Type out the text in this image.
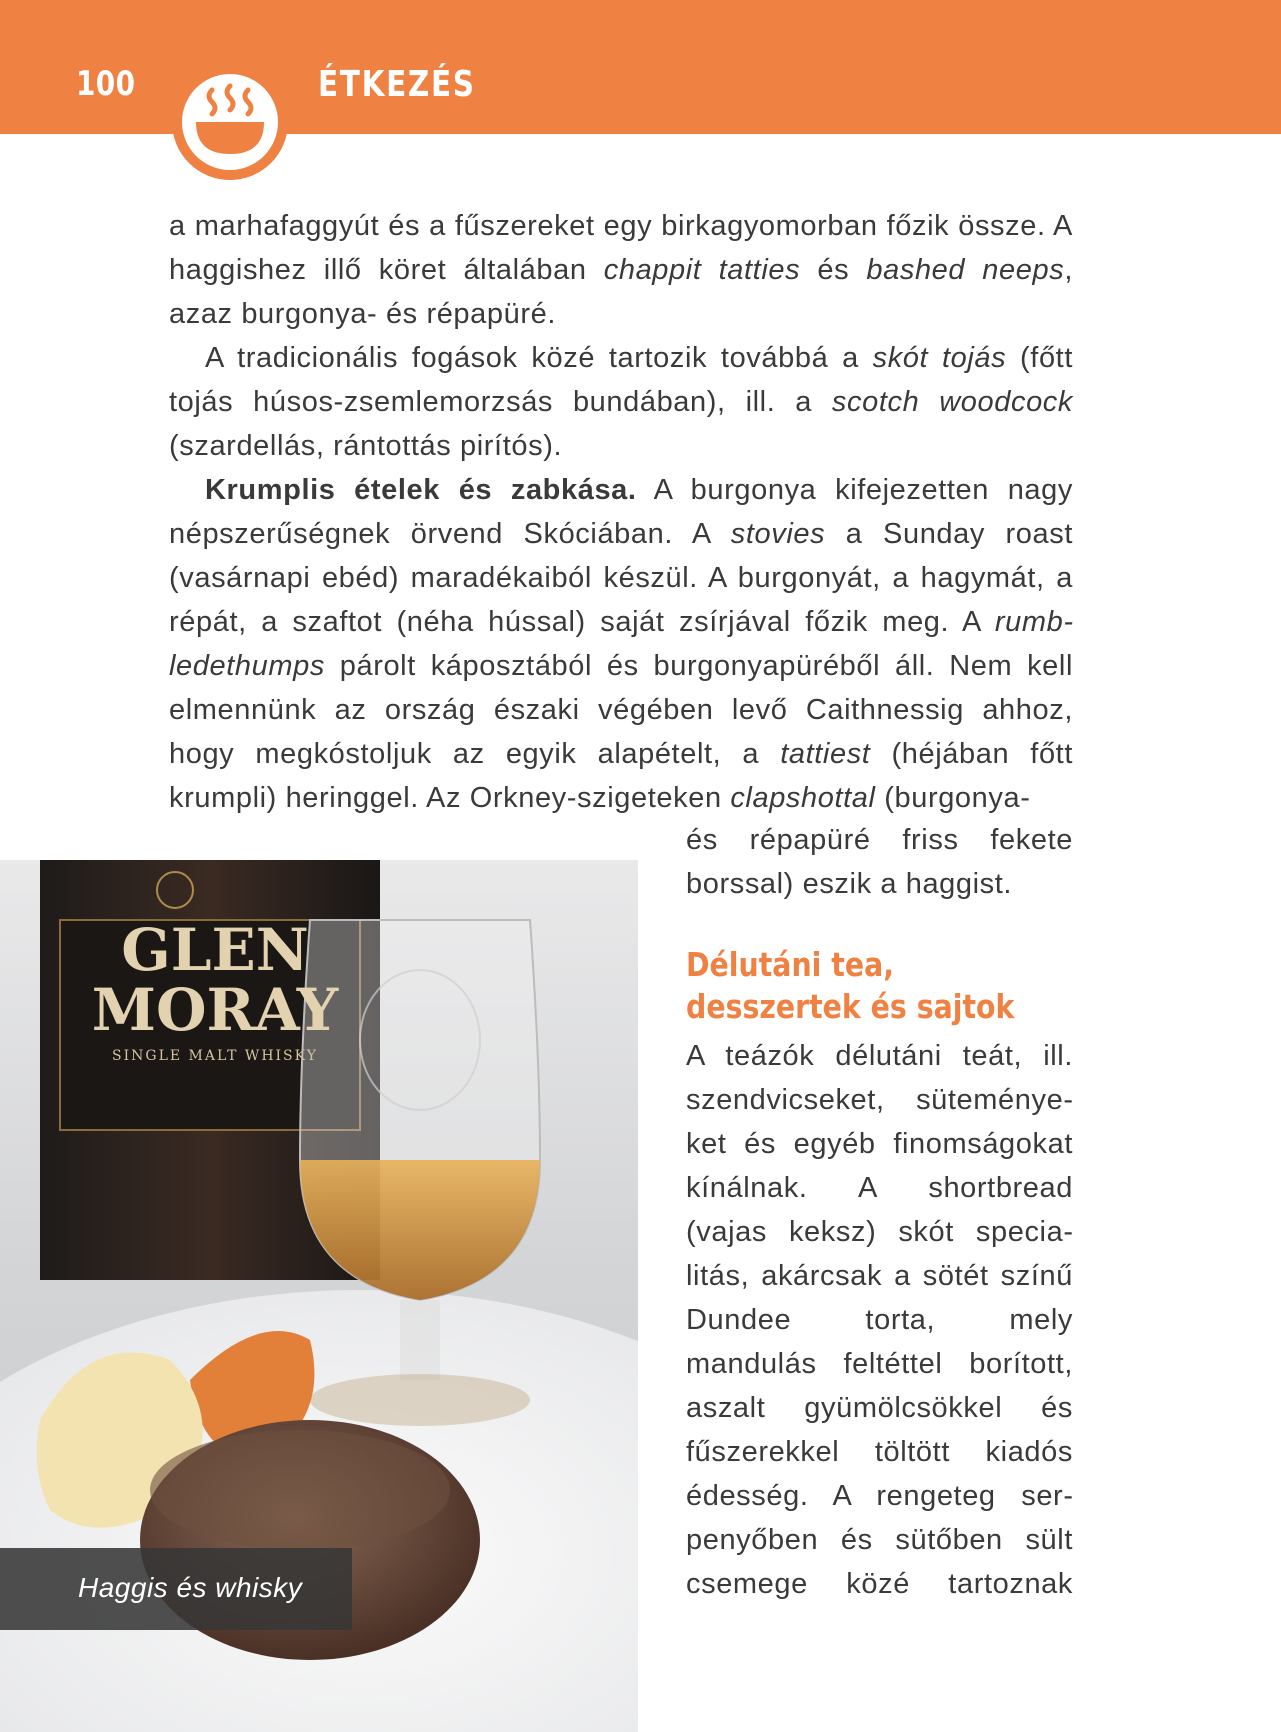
100	ÉTKEZÉS

a marhafaggyút és a fűszereket egy birkagyomorban főzik össze. A haggishez illő köret általában chappit tatties és bashed neeps, azaz burgonya- és répapüré.

A tradicionális fogások közé tartozik továbbá a skót tojás (főtt tojás húsos-zsemlemorzsás bundában), ill. a scotch woodcock (szardellás, rántottás pirítós).

Krumplis ételek és zabkása. A burgonya kifejezetten nagy népszerűségnek örvend Skóciában. A stovies a Sunday roast (vasárnapi ebéd) maradékaiból készül. A burgonyát, a hagymát, a répát, a szaftot (néha hússal) saját zsírjával főzik meg. A rumbledethumps párolt káposztából és burgonyapüréből áll. Nem kell elmennünk az ország északi végében levő Caithnessig ahhoz, hogy megkóstoljuk az egyik alapételt, a tattiest (héjában főtt krumpli) heringgel. Az Orkney-szigeteken clapshottal (burgonya-

és répapüré friss fekete borssal) eszik a haggist.

Délutáni tea, desszertek és sajtok

A teázók délutáni teát, ill. szendvicseket, süteményeket és egyéb finomságokat kínálnak. A shortbread (vajas keksz) skót specialitás, akárcsak a sötét színű Dundee torta, mely mandulás feltéttel borított, aszalt gyümölcsökkel és fűszerekkel töltött kiadós édesség. A rengeteg serpenyőben és sütőben sült csemege közé tartoznak

GLEN
MORAY
SINGLE MALT WHISKY
Haggis és whisky
